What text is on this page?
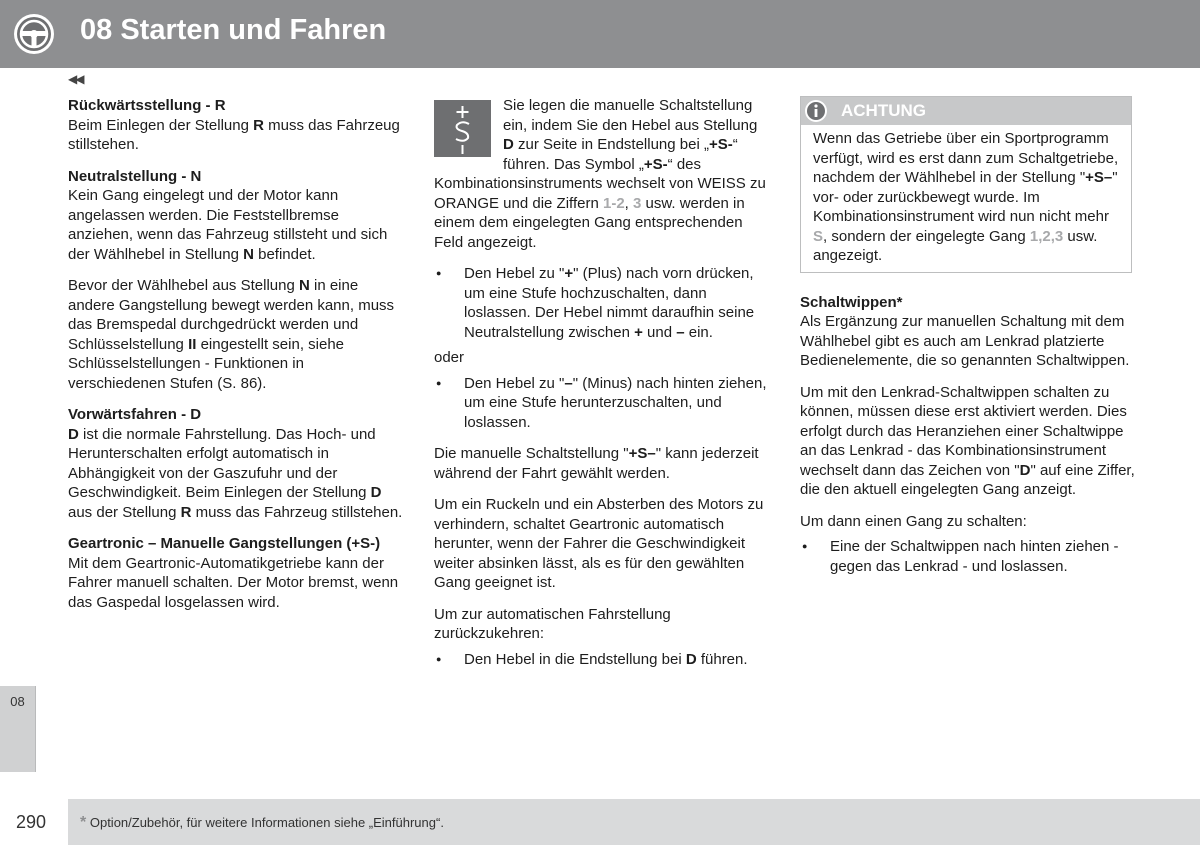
08 Starten und Fahren
◀◀
08

Rückwärtsstellung - R

Beim Einlegen der Stellung R muss das Fahrzeug stillstehen.

Neutralstellung - N

Kein Gang eingelegt und der Motor kann angelassen werden. Die Feststellbremse anziehen, wenn das Fahrzeug stillsteht und sich der Wählhebel in Stellung N befindet.

Bevor der Wählhebel aus Stellung N in eine andere Gangstellung bewegt werden kann, muss das Bremspedal durchgedrückt werden und Schlüsselstellung II eingestellt sein, siehe Schlüsselstellungen - Funktionen in verschiedenen Stufen (S. 86).

Vorwärtsfahren - D

D ist die normale Fahrstellung. Das Hoch- und Herunterschalten erfolgt automatisch in Abhängigkeit von der Gaszufuhr und der Geschwindigkeit. Beim Einlegen der Stellung D aus der Stellung R muss das Fahrzeug stillstehen.

Geartronic – Manuelle Gangstellungen (+S-)

Mit dem Geartronic-Automatikgetriebe kann der Fahrer manuell schalten. Der Motor bremst, wenn das Gaspedal losgelassen wird.

Sie legen die manuelle Schaltstellung ein, indem Sie den Hebel aus Stellung D zur Seite in Endstellung bei „+S-“ führen. Das Symbol „+S-“ des Kombinationsinstruments wechselt von WEISS zu ORANGE und die Ziffern 1-2, 3 usw. werden in einem dem eingelegten Gang entsprechenden Feld angezeigt.

●	Den Hebel zu "+" (Plus) nach vorn drücken, um eine Stufe hochzuschalten, dann loslassen. Der Hebel nimmt daraufhin seine Neutralstellung zwischen + und – ein.

oder

●	Den Hebel zu "–" (Minus) nach hinten ziehen, um eine Stufe herunterzuschalten, und loslassen.

Die manuelle Schaltstellung "+S–" kann jederzeit während der Fahrt gewählt werden.

Um ein Ruckeln und ein Absterben des Motors zu verhindern, schaltet Geartronic automatisch herunter, wenn der Fahrer die Geschwindigkeit weiter absinken lässt, als es für den gewählten Gang geeignet ist.

Um zur automatischen Fahrstellung zurückzukehren:

●	Den Hebel in die Endstellung bei D führen.
ACHTUNG
Wenn das Getriebe über ein Sportprogramm verfügt, wird es erst dann zum Schaltgetriebe, nachdem der Wählhebel in der Stellung "+S–" vor- oder zurückbewegt wurde. Im Kombinationsinstrument wird nun nicht mehr S, sondern der eingelegte Gang 1,2,3 usw. angezeigt.

Schaltwippen*

Als Ergänzung zur manuellen Schaltung mit dem Wählhebel gibt es auch am Lenkrad platzierte Bedienelemente, die so genannten Schaltwippen.

Um mit den Lenkrad-Schaltwippen schalten zu können, müssen diese erst aktiviert werden. Dies erfolgt durch das Heranziehen einer Schaltwippe an das Lenkrad - das Kombinationsinstrument wechselt dann das Zeichen von "D" auf eine Ziffer, die den aktuell eingelegten Gang anzeigt.

Um dann einen Gang zu schalten:

●	Eine der Schaltwippen nach hinten ziehen - gegen das Lenkrad - und loslassen.
290 * Option/Zubehör, für weitere Informationen siehe „Einführung“.
